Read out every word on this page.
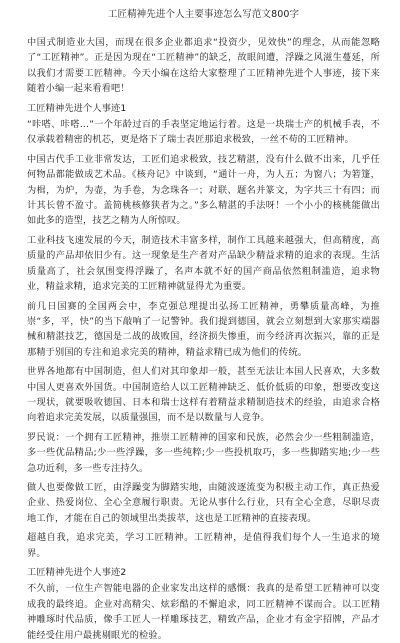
工匠精神先进个人主要事迹怎么写范文800字

中国式制造业大国，而现在很多企业都追求“投资少，见效快”的理念，从而能忽略了“工匠精神”。正是因为现在“工匠精神”的缺乏，故眼间遭，浮躁之风滋生蔓延，所以我们才需要工匠精神。今天小编在这给大家整理了工匠精神先进个人事迹，接下来随着小编一起来看看吧！

工匠精神先进个人事迹1

“咔嗒、咔嗒…”一个年龄过百的手表坚定地运行着。这是一块瑞士产的机械手表，不仅承载着精密的机芯，更是烙下了瑞士表匠那追求极致，一丝不苟的工匠精神。

中国古代手工业非常发达，工匠们追求极致，技艺精湛，没有什么做不出来，几乎任何物品都能做成艺术品。《核舟记》中谈到，“通计一舟，为人五；为窗八；为箬篷，为楫，为炉，为壶，为手卷，为念珠各一；对联、题名并篆文，为字共三十有四；而计其长曾不盈寸。盖简桃核修狭者为之。”多么精湛的手法呀！一个小小的核桃能做出如此多的造型，技艺之精为人所惊叹。

工业科技飞速发展的今天，制造技术丰富多样，制作工具越来越强大，但高精度，高质量的产品却依旧少有。这一现象是生产者对产品缺少精益求精的追求的表现。生活质量高了，社会氛围变得浮躁了，名声本就不好的国产商品依然粗制滥造，追求物业，精益求精，追求完美的工匠精神就显得尤为重要。

前几日国赛的全国两会中，李克强总理提出弘扬工匠精神，勇攀质量高峰，为推崇“多，平，快”的当下敲响了一记警钟。我们提到德国，就会立刻想到大家那实端器械和精湛技艺，德国是二战的战败国，经济损失惨重，而今经济再次振兴，靠的正是那精于别国的专注和追求完美的精神，精益求精已成为他们的传统。

世界各地都有中国制造，但人们对其印象却一般，甚至无法让本国人民喜欢，大多数中国人更喜欢外国货。中国制造给人以工匠精神缺乏、低价低质的印象，想要改变这一现状，就要吸收德国、日本和瑞士这样有着精益求精制造技术的经验，由追求合格向着追求完美发展，以质量强国，而不是以数量与人竞争。

罗民说：一个拥有工匠精神，推崇工匠精神的国家和民族，必然会少一些粗制滥造，多一些优品精品;少一些浮躁，多一些纯粹;少一些投机取巧，多一些脚踏实地;少一些急功近利，多一些专注持久。

做人也要像做工匠，由浮躁变为脚踏实地，由随波逐流变为积极主动工作，真正热爱企业、热爱岗位、全心全意履行职责。无论从事什么行业，只有全心全意，尽职尽责地工作，才能在自己的领域里出类拔萃，这也是工匠精神的直接表现。

超越自我，追求完美，学习工匠精神。工匠精神，是值得我们每个人一生追求的境界。

工匠精神先进个人事迹2

不久前，一位生产智能电器的企业家发出这样的感慨：我真的是希望工匠精神可以变成我的最终追。企业对高精尖、炫彩酷的不懈追求，同工匠精神不谋而合。以工匠精神雕琢时代品质，像手工匠人一样雕琢技艺，精致产品，企业才有金字招牌，产品才能经受住用户最挑剔眼光的检验。
